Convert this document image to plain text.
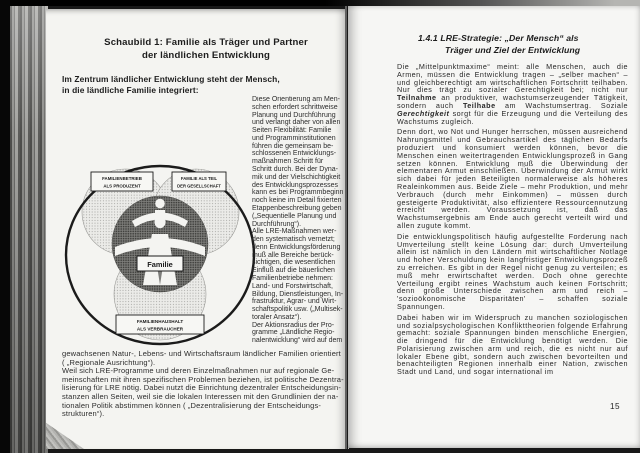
Schaubild 1: Familie als Träger und Partner
der ländlichen Entwicklung
Im Zentrum ländlicher Entwicklung steht der Mensch,
in die ländliche Familie integriert:
FAMILIENBETRIEB
ALS PRODUZENT
FAMILIE ALS TEIL
DER GESELLSCHAFT
FAMILIENHAUSHALT
ALS VERBRAUCHER
Familie
Diese Orientierung am Men-
schen erfordert schrittweise
Planung und Durchführung
und verlangt daher von allen
Seiten Flexibilität: Familie
und Programminstitutionen
führen die gemeinsam be-
schlossenen Entwicklungs-
maßnahmen Schritt für
Schritt durch. Bei der Dyna-
mik und der Vielschichtigkeit
des Entwicklungsprozesses
kann es bei Programmbeginn
noch keine im Detail fixierten
Etappenbeschreibung geben
(„Sequentielle Planung und
Durchführung“).
Alle LRE-Maßnahmen wer-
den systematisch vernetzt;
denn Entwicklungsförderung
muß alle Bereiche berück-
sichtigen, die wesentlichen
Einfluß auf die bäuerlichen
Familienbetriebe nehmen:
Land- und Forstwirtschaft,
Bildung, Dienstleistungen, In-
frastruktur, Agrar- und Wirt-
schaftspolitik usw. („Multisek-
toraler Ansatz“).
Der Aktionsradius der Pro-
gramme „Ländliche Regio-
nalentwicklung“ wird auf dem
gewachsenen Natur-, Lebens- und Wirtschaftsraum ländlicher Familien orientiert
( „Regionale Ausrichtung“).
Weil sich LRE-Programme und deren Einzelmaßnahmen nur auf regionale Ge-
meinschaften mit ihren spezifischen Problemen beziehen, ist politische Dezentra-
lisierung für LRE nötig. Dabei nutzt die Einrichtung dezentraler Entscheidungsin-
stanzen allen Seiten, weil sie die lokalen Interessen mit den Grundlinien der na-
tionalen Politik abstimmen können ( „Dezentralisierung der Entscheidungs-
strukturen“).
1.4.1 LRE-Strategie: „Der Mensch“ als
Träger und Ziel der Entwicklung

Die „Mittelpunktmaxime“ meint: alle Menschen, auch die Armen, müssen die Entwicklung tragen – „selber machen“ – und gleichberechtigt am wirtschaftlichen Fortschritt teilhaben. Nur dies trägt zu sozialer Gerechtigkeit bei; nicht nur Teilnahme an produktiver, wachstumserzeugender Tätigkeit, sondern auch Teilhabe am Wachstumsertrag. Soziale Gerechtigkeit sorgt für die Erzeugung und die Verteilung des Wachstums zugleich.

Denn dort, wo Not und Hunger herrschen, müssen ausreichend Nahrungsmittel und Gebrauchsartikel des täglichen Bedarfs produziert und konsumiert werden können, bevor die Menschen einen weitertragenden Entwicklungsprozeß in Gang setzen können. Entwicklung muß die Überwindung der elementaren Armut einschließen. Überwindung der Armut wirkt sich dabei für jeden Beteiligten normalerweise als höheres Realeinkommen aus. Beide Ziele – mehr Produktion, und mehr Verbrauch (durch mehr Einkommen) – müssen durch gesteigerte Produktivität, also effizientere Ressourcennutzung erreicht werden. Voraussetzung ist, daß das Wachstumsergebnis am Ende auch gerecht verteilt wird und allen zugute kommt.

Die entwicklungspolitisch häufig aufgestellte Forderung nach Umverteilung stellt keine Lösung dar: durch Umverteilung allein ist nämlich in den Ländern mit wirtschaftlicher Notlage und hoher Verschuldung kein langfristiger Entwicklungsprozeß zu erreichen. Es gibt in der Regel nicht genug zu verteilen; es muß mehr erwirtschaftet werden. Doch ohne gerechte Verteilung ergibt reines Wachstum auch keinen Fortschritt; denn große Unterschiede zwischen arm und reich – 'sozioökonomische Disparitäten' – schaffen soziale Spannungen.

Dabei haben wir im Widerspruch zu manchen soziologischen und sozialpsychologischen Konflikttheorien folgende Erfahrung gemacht: soziale Spannungen binden menschliche Energien, die dringend für die Entwicklung benötigt werden. Die Polarisierung zwischen arm und reich, die es nicht nur auf lokaler Ebene gibt, sondern auch zwischen bevorteilten und benachteiligten Regionen innerhalb einer Nation, zwischen Stadt und Land, und sogar international im

15
